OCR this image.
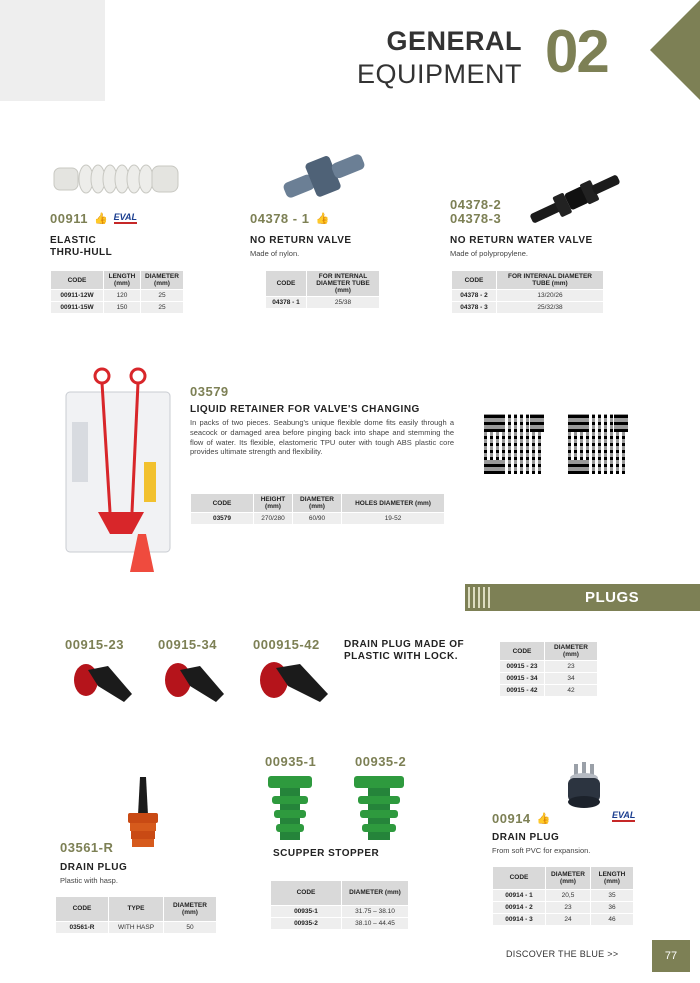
GENERAL
EQUIPMENT 02
00911 👍 EVAL
ELASTIC
THRU-HULL
CODE	LENGTH (mm)	DIAMETER (mm)
00911-12W	120	25
00911-15W	150	25
04378 - 1 👍
NO RETURN VALVE
Made of nylon.
CODE	FOR INTERNAL DIAMETER TUBE (mm)
04378 - 1	25/38
04378-2
04378-3
NO RETURN WATER VALVE
Made of polypropylene.
CODE	FOR INTERNAL DIAMETER TUBE (mm)
04378 - 2	13/20/26
04378 - 3	25/32/38
03579
LIQUID RETAINER FOR VALVE'S CHANGING
In packs of two pieces. Seabung's unique flexible dome fits easily through a seacock or damaged area before pinging back into shape and stemming the flow of water. Its flexible, elastomeric TPU outer with tough ABS plastic core provides ultimate strength and flexibility.
CODE	HEIGHT (mm)	DIAMETER (mm)	HOLES DIAMETER (mm)
03579	270/280	60/90	19-52
PLUGS
00915-23	00915-34	000915-42 DRAIN PLUG MADE OF PLASTIC WITH LOCK.	CODE	DIAMETER (mm)
00915 - 23	23
00915 - 34	34
00915 - 42	42
03561-R
DRAIN PLUG
Plastic with hasp.
CODE	TYPE	DIAMETER (mm)
03561-R	WITH HASP	50
00935-1	00935-2
SCUPPER STOPPER
CODE	DIAMETER (mm)
00935-1	31.75 – 38.10
00935-2	38.10 – 44.45
00914 👍	EVAL
DRAIN PLUG
From soft PVC for expansion.
CODE	DIAMETER (mm)	LENGTH (mm)
00914 - 1	20,5	35
00914 - 2	23	36
00914 - 3	24	46
DISCOVER THE BLUE >>	77
